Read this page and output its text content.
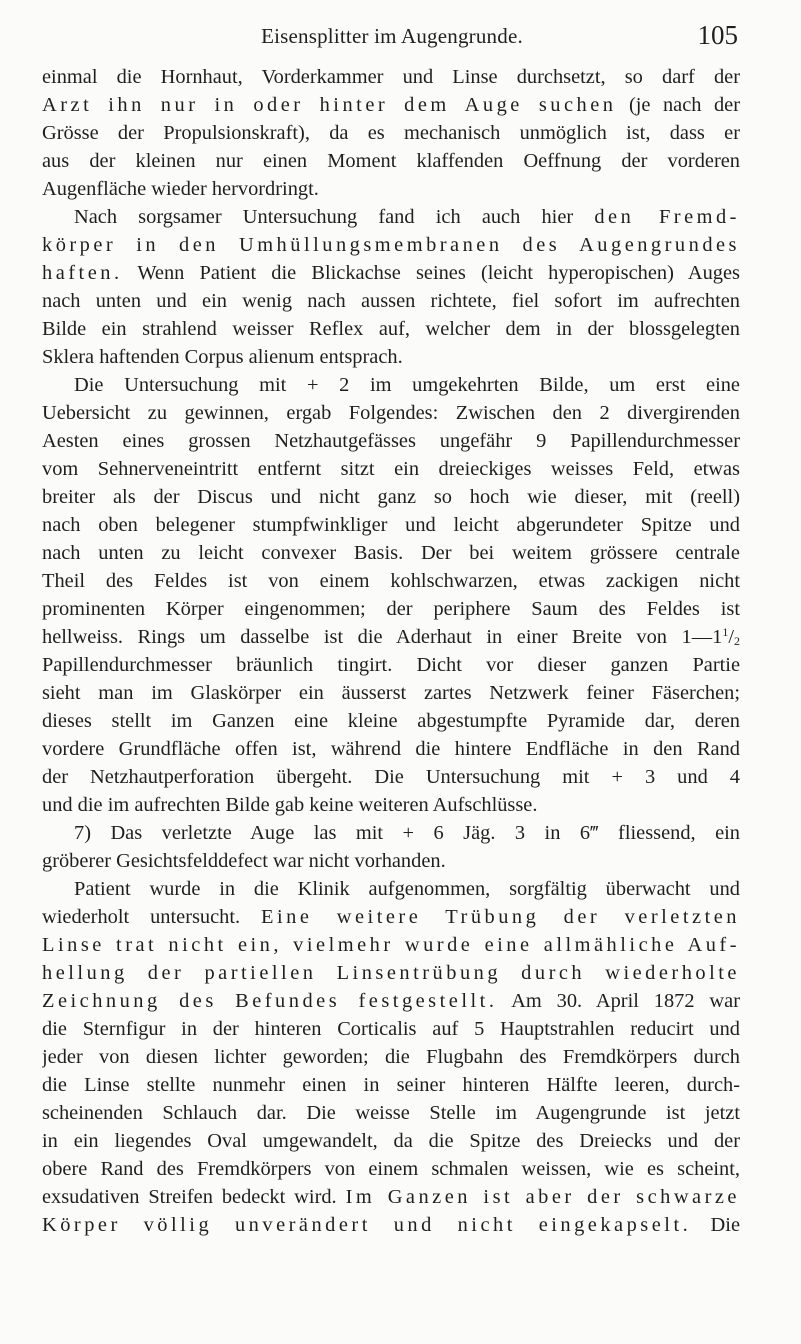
Eisensplitter im Augengrunde.	105
einmal die Hornhaut, Vorderkammer und Linse durchsetzt, so darf der
Arzt ihn nur in oder hinter dem Auge suchen (je nach der
Grösse der Propulsionskraft), da es mechanisch unmöglich ist, dass er
aus der kleinen nur einen Moment klaffenden Oeffnung der vorderen
Augenfläche wieder hervordringt.
Nach sorgsamer Untersuchung fand ich auch hier den Fremd-
körper in den Umhüllungsmembranen des Augengrundes
haften. Wenn Patient die Blickachse seines (leicht hyperopischen) Auges
nach unten und ein wenig nach aussen richtete, fiel sofort im aufrechten
Bilde ein strahlend weisser Reflex auf, welcher dem in der blossgelegten
Sklera haftenden Corpus alienum entsprach.
Die Untersuchung mit + 2 im umgekehrten Bilde, um erst eine
Uebersicht zu gewinnen, ergab Folgendes: Zwischen den 2 divergirenden
Aesten eines grossen Netzhautgefässes ungefähr 9 Papillendurchmesser
vom Sehnerveneintritt entfernt sitzt ein dreieckiges weisses Feld, etwas
breiter als der Discus und nicht ganz so hoch wie dieser, mit (reell)
nach oben belegener stumpfwinkliger und leicht abgerundeter Spitze und
nach unten zu leicht convexer Basis. Der bei weitem grössere centrale
Theil des Feldes ist von einem kohlschwarzen, etwas zackigen nicht
prominenten Körper eingenommen; der periphere Saum des Feldes ist
hellweiss. Rings um dasselbe ist die Aderhaut in einer Breite von $1—1^1/_2$
Papillendurchmesser bräunlich tingirt. Dicht vor dieser ganzen Partie
sieht man im Glaskörper ein äusserst zartes Netzwerk feiner Fäserchen;
dieses stellt im Ganzen eine kleine abgestumpfte Pyramide dar, deren
vordere Grundfläche offen ist, während die hintere Endfläche in den Rand
der Netzhautperforation übergeht. Die Untersuchung mit + 3 und 4
und die im aufrechten Bilde gab keine weiteren Aufschlüsse.
7) Das verletzte Auge las mit + 6 Jäg. 3 in 6‴ fliessend, ein
gröberer Gesichtsfelddefect war nicht vorhanden.
Patient wurde in die Klinik aufgenommen, sorgfältig überwacht und
wiederholt untersucht. Eine weitere Trübung der verletzten
Linse trat nicht ein, vielmehr wurde eine allmähliche Auf-
hellung der partiellen Linsentrübung durch wiederholte
Zeichnung des Befundes festgestellt. Am 30. April 1872 war
die Sternfigur in der hinteren Corticalis auf 5 Hauptstrahlen reducirt und
jeder von diesen lichter geworden; die Flugbahn des Fremdkörpers durch
die Linse stellte nunmehr einen in seiner hinteren Hälfte leeren, durch-
scheinenden Schlauch dar. Die weisse Stelle im Augengrunde ist jetzt
in ein liegendes Oval umgewandelt, da die Spitze des Dreiecks und der
obere Rand des Fremdkörpers von einem schmalen weissen, wie es scheint,
exsudativen Streifen bedeckt wird. Im Ganzen ist aber der schwarze
Körper völlig unverändert und nicht eingekapselt. Die
